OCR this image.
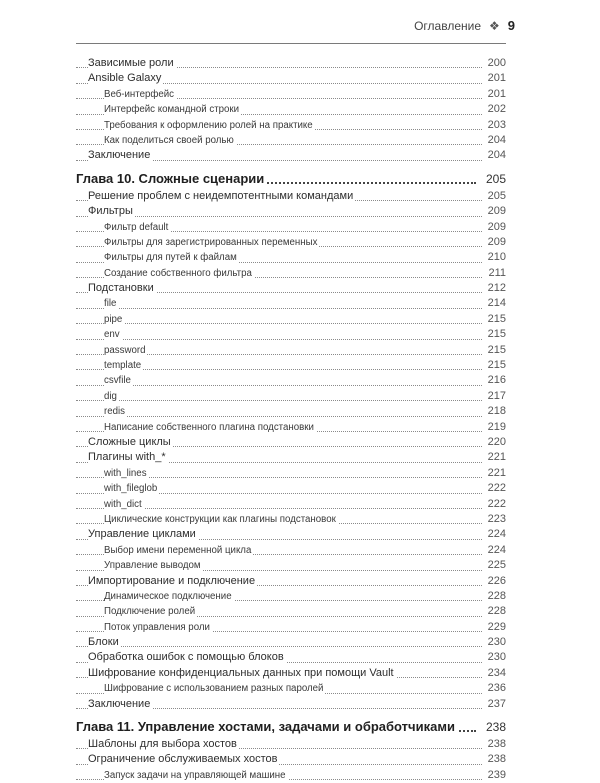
Оглавление ❖ 9
Зависимые роли	200
Ansible Galaxy	201
Веб-интерфейс	201
Интерфейс командной строки	202
Требования к оформлению ролей на практике	203
Как поделиться своей ролью	204
Заключение	204
Глава 10. Сложные сценарии	205
Решение проблем с неидемпотентными командами	205
Фильтры	209
Фильтр default	209
Фильтры для зарегистрированных переменных	209
Фильтры для путей к файлам	210
Создание собственного фильтра	211
Подстановки	212
file	214
pipe	215
env	215
password	215
template	215
csvfile	216
dig	217
redis	218
Написание собственного плагина подстановки	219
Сложные циклы	220
Плагины with_*	221
with_lines	221
with_fileglob	222
with_dict	222
Циклические конструкции как плагины подстановок	223
Управление циклами	224
Выбор имени переменной цикла	224
Управление выводом	225
Импортирование и подключение	226
Динамическое подключение	228
Подключение ролей	228
Поток управления роли	229
Блоки	230
Обработка ошибок с помощью блоков	230
Шифрование конфиденциальных данных при помощи Vault	234
Шифрование с использованием разных паролей	236
Заключение	237
Глава 11. Управление хостами, задачами и обработчиками	238
Шаблоны для выбора хостов	238
Ограничение обслуживаемых хостов	238
Запуск задачи на управляющей машине	239
